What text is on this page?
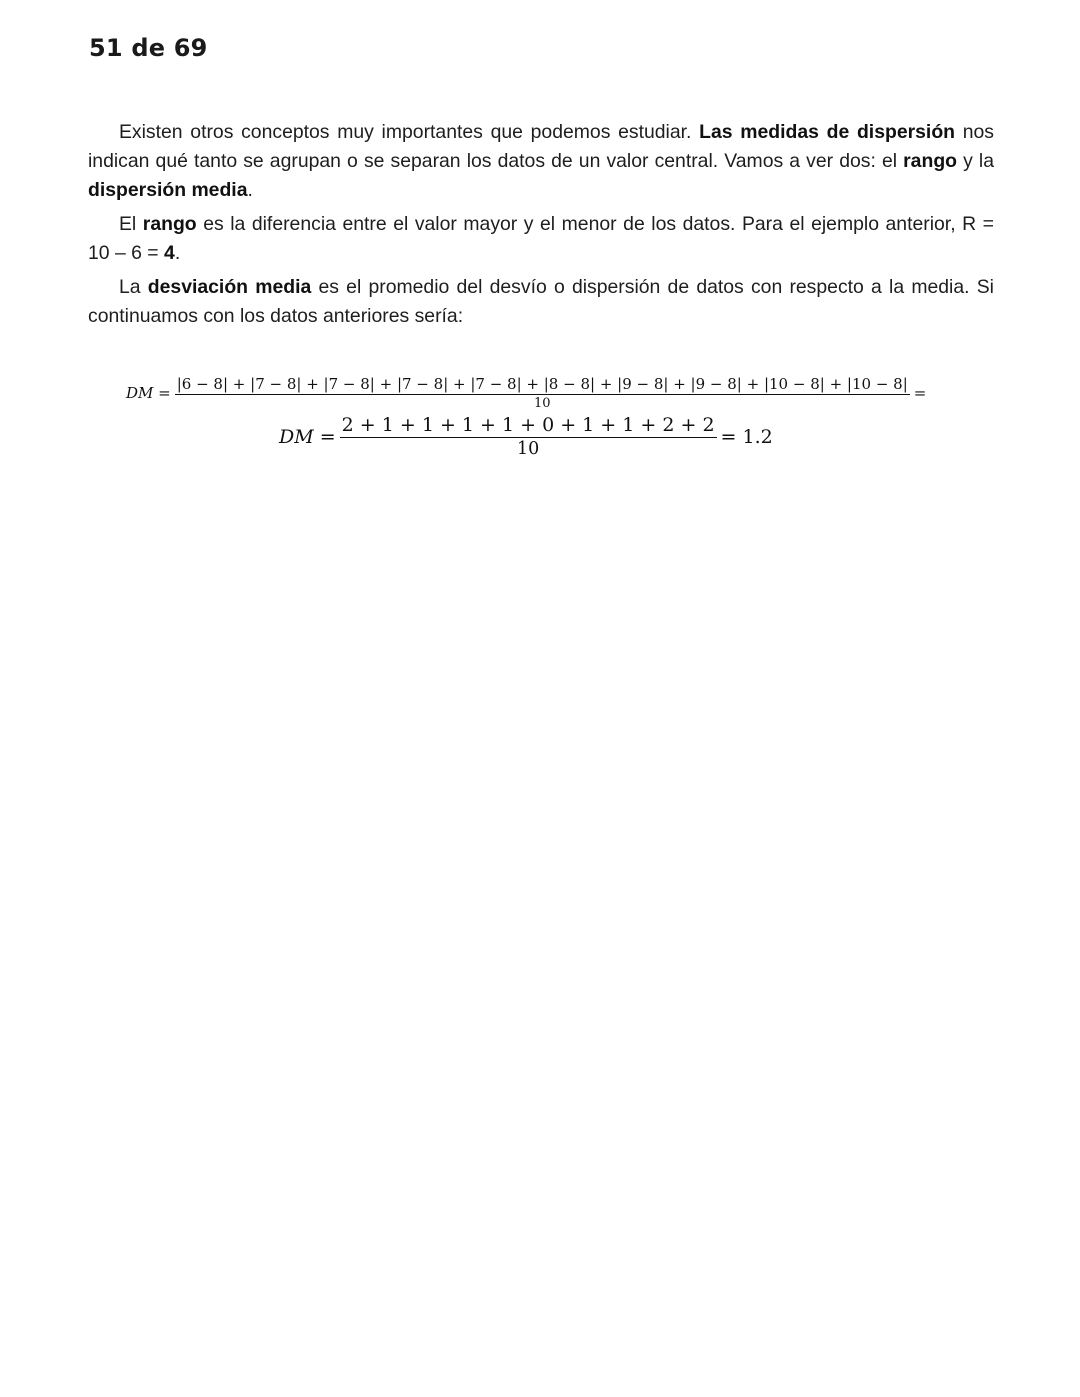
51 de 69

Existen otros conceptos muy importantes que podemos estudiar. Las medidas de dispersión nos indican qué tanto se agrupan o se separan los datos de un valor central. Vamos a ver dos: el rango y la dispersión media.

El rango es la diferencia entre el valor mayor y el menor de los datos. Para el ejemplo anterior, R = 10 – 6 = 4.

La desviación media es el promedio del desvío o dispersión de datos con respecto a la media. Si continuamos con los datos anteriores sería:

DM = |6 − 8| + |7 − 8| + |7 − 8| + |7 − 8| + |7 − 8| + |8 − 8| + |9 − 8| + |9 − 8| + |10 − 8| + |10 − 8|
10
=
DM = $\frac{2 + 1 + 1 + 1 + 1 + 0 + 1 + 1 + 2 + 2}{10} = 1.2$
